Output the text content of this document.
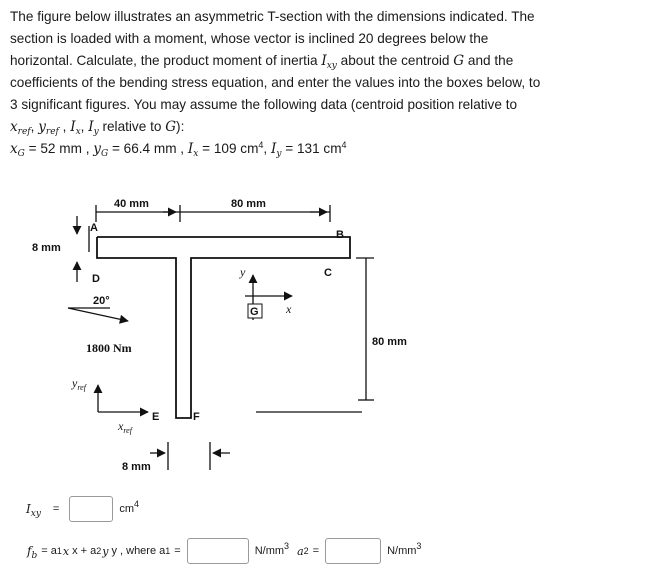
The figure below illustrates an asymmetric T-section with the dimensions indicated. The

section is loaded with a moment, whose vector is inclined 20 degrees below the

horizontal. Calculate, the product moment of inertia $I_{xy}$ about the centroid G and the

coefficients of the bending stress equation, and enter the values into the boxes below, to

3 significant figures. You may assume the following data (centroid position relative to

$x_{ref}$, $y_{ref}$ , $I_x$, $I_y$ relative to G):

$x_G = 52$ mm , $y_G = 66.4$ mm , $I_x = 109$ $cm^4$, $I_y = 131$ $cm^4$

40 mm	80 mm
8 mm
80 mm
8 mm
20°
1800 Nm
A
B
C
D
E	F
G
y
x
$y_{ref}$
$x_{ref}$
$I_{xy}$ =	$cm^4$
$f_b = a$ 1 x x + a 2 y y , where a 1 =	$N/mm^3$ a 2 =	$N/mm^3$
